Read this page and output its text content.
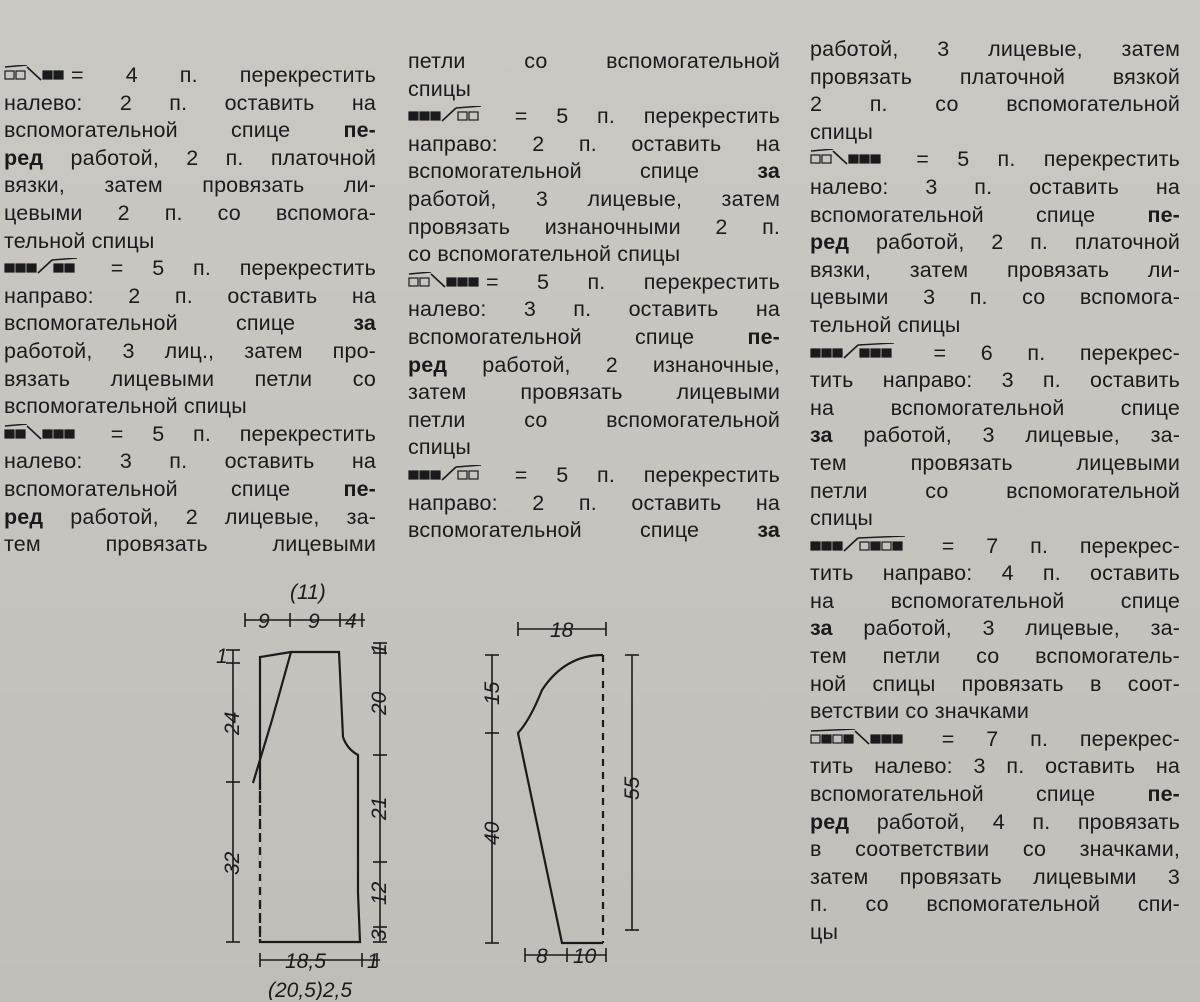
= 4 п. перекрестить
налево: 2 п. оставить на
вспомогательной спице пе-
ред работой, 2 п. платочной
вязки, затем провязать ли-
цевыми 2 п. со вспомога-
тельной спицы
= 5 п. перекрестить
направо: 2 п. оставить на
вспомогательной спице за
работой, 3 лиц., затем про-
вязать лицевыми петли со
вспомогательной спицы
= 5 п. перекрестить
налево: 3 п. оставить на
вспомогательной спице пе-
ред работой, 2 лицевые, за-
тем провязать лицевыми
петли со вспомогательной
спицы
= 5 п. перекрестить
направо: 2 п. оставить на
вспомогательной спице за
работой, 3 лицевые, затем
провязать изнаночными 2 п.
со вспомогательной спицы
= 5 п. перекрестить
налево: 3 п. оставить на
вспомогательной спице пе-
ред работой, 2 изнаночные,
затем провязать лицевыми
петли со вспомогательной
спицы
= 5 п. перекрестить
направо: 2 п. оставить на
вспомогательной спице за
работой, 3 лицевые, затем
провязать платочной вязкой
2 п. со вспомогательной
спицы
= 5 п. перекрестить
налево: 3 п. оставить на
вспомогательной спице пе-
ред работой, 2 п. платочной
вязки, затем провязать ли-
цевыми 3 п. со вспомога-
тельной спицы
= 6 п. перекрес-
тить направо: 3 п. оставить
на вспомогательной спице
за работой, 3 лицевые, за-
тем провязать лицевыми
петли со вспомогательной
спицы
= 7 п. перекрес-
тить направо: 4 п. оставить
на вспомогательной спице
за работой, 3 лицевые, за-
тем петли со вспомогатель-
ной спицы провязать в соот-
ветствии со значками
= 7 п. перекрес-
тить налево: 3 п. оставить на
вспомогательной спице пе-
ред работой, 4 п. провязать
в соответствии со значками,
затем провязать лицевыми 3
п. со вспомогательной спи-
цы
(11)
9 9 4
1
24
32
1
20
21
12
3
18,5 1
(20,5)2,5
18
15
40
55
8 10
